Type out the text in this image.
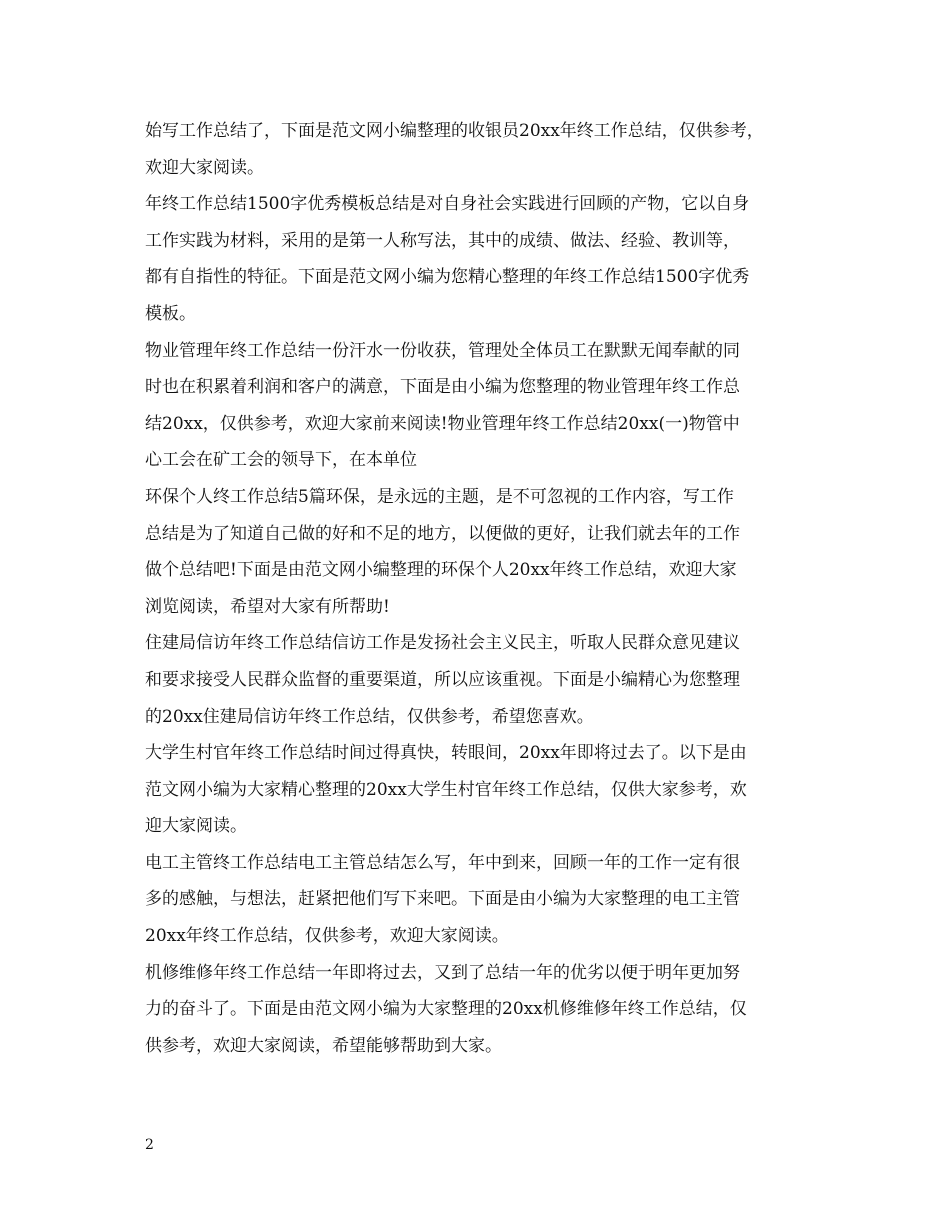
始写工作总结了，下面是范文网小编整理的收银员20xx年终工作总结，仅供参考，
欢迎大家阅读。
年终工作总结1500字优秀模板总结是对自身社会实践进行回顾的产物，它以自身
工作实践为材料，采用的是第一人称写法，其中的成绩、做法、经验、教训等，
都有自指性的特征。下面是范文网小编为您精心整理的年终工作总结1500字优秀
模板。
物业管理年终工作总结一份汗水一份收获，管理处全体员工在默默无闻奉献的同
时也在积累着利润和客户的满意，下面是由小编为您整理的物业管理年终工作总
结20xx，仅供参考，欢迎大家前来阅读!物业管理年终工作总结20xx(一)物管中
心工会在矿工会的领导下，在本单位
环保个人终工作总结5篇环保，是永远的主题，是不可忽视的工作内容，写工作
总结是为了知道自己做的好和不足的地方，以便做的更好，让我们就去年的工作
做个总结吧!下面是由范文网小编整理的环保个人20xx年终工作总结，欢迎大家
浏览阅读，希望对大家有所帮助!
住建局信访年终工作总结信访工作是发扬社会主义民主，听取人民群众意见建议
和要求接受人民群众监督的重要渠道，所以应该重视。下面是小编精心为您整理
的20xx住建局信访年终工作总结，仅供参考，希望您喜欢。
大学生村官年终工作总结时间过得真快，转眼间，20xx年即将过去了。以下是由
范文网小编为大家精心整理的20xx大学生村官年终工作总结，仅供大家参考，欢
迎大家阅读。
电工主管终工作总结电工主管总结怎么写，年中到来，回顾一年的工作一定有很
多的感触，与想法，赶紧把他们写下来吧。下面是由小编为大家整理的电工主管
20xx年终工作总结，仅供参考，欢迎大家阅读。
机修维修年终工作总结一年即将过去，又到了总结一年的优劣以便于明年更加努
力的奋斗了。下面是由范文网小编为大家整理的20xx机修维修年终工作总结，仅
供参考，欢迎大家阅读，希望能够帮助到大家。
2
